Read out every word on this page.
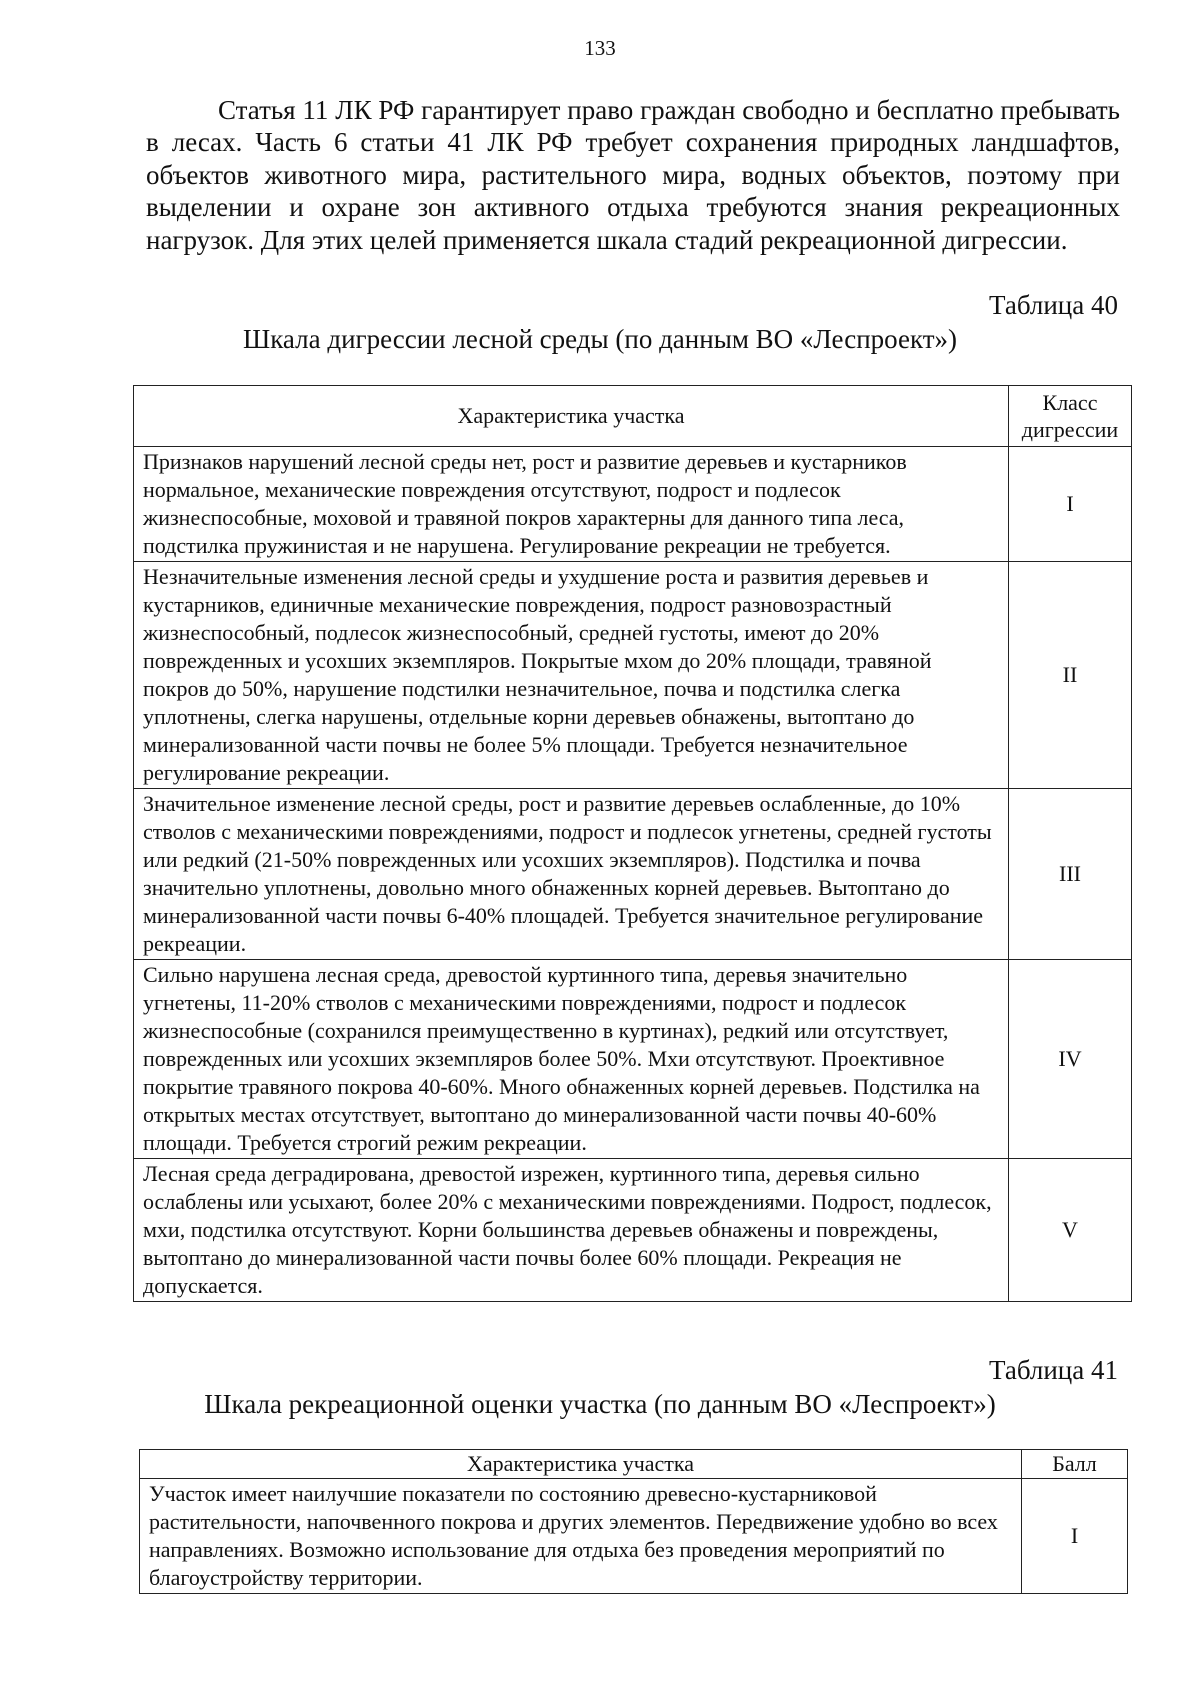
133

Статья 11 ЛК РФ гарантирует право граждан свободно и бесплатно пребывать в лесах. Часть 6 статьи 41 ЛК РФ требует сохранения природных ландшафтов, объектов животного мира, растительного мира, водных объектов, поэтому при выделении и охране зон активного отдыха требуются знания рекреационных нагрузок. Для этих целей применяется шкала стадий рекреационной дигрессии.

Таблица 40
Шкала дигрессии лесной среды (по данным ВО «Леспроект»)
Характеристика участка	Класс дигрессии
Признаков нарушений лесной среды нет, рост и развитие деревьев и кустарников нормальное, механические повреждения отсутствуют, подрост и подлесок жизнеспособные, моховой и травяной покров характерны для данного типа леса, подстилка пружинистая и не нарушена. Регулирование рекреации не требуется.	I
Незначительные изменения лесной среды и ухудшение роста и развития деревьев и кустарников, единичные механические повреждения, подрост разновозрастный жизнеспособный, подлесок жизнеспособный, средней густоты, имеют до 20% поврежденных и усохших экземпляров. Покрытые мхом до 20% площади, травяной покров до 50%, нарушение подстилки незначительное, почва и подстилка слегка уплотнены, слегка нарушены, отдельные корни деревьев обнажены, вытоптано до минерализованной части почвы не более 5% площади. Требуется незначительное регулирование рекреации.	II
Значительное изменение лесной среды, рост и развитие деревьев ослабленные, до 10% стволов с механическими повреждениями, подрост и подлесок угнетены, средней густоты или редкий (21-50% поврежденных или усохших экземпляров). Подстилка и почва значительно уплотнены, довольно много обнаженных корней деревьев. Вытоптано до минерализованной части почвы 6-40% площадей. Требуется значительное регулирование рекреации.	III
Сильно нарушена лесная среда, древостой куртинного типа, деревья значительно угнетены, 11-20% стволов с механическими повреждениями, подрост и подлесок жизнеспособные (сохранился преимущественно в куртинах), редкий или отсутствует, поврежденных или усохших экземпляров более 50%. Мхи отсутствуют. Проективное покрытие травяного покрова 40-60%. Много обнаженных корней деревьев. Подстилка на открытых местах отсутствует, вытоптано до минерализованной части почвы 40-60% площади. Требуется строгий режим рекреации.	IV
Лесная среда деградирована, древостой изрежен, куртинного типа, деревья сильно ослаблены или усыхают, более 20% с механическими повреждениями. Подрост, подлесок, мхи, подстилка отсутствуют. Корни большинства деревьев обнажены и повреждены, вытоптано до минерализованной части почвы более 60% площади. Рекреация не допускается.	V
Таблица 41
Шкала рекреационной оценки участка (по данным ВО «Леспроект»)
Характеристика участка	Балл
Участок имеет наилучшие показатели по состоянию древесно-кустарниковой растительности, напочвенного покрова и других элементов. Передвижение удобно во всех направлениях. Возможно использование для отдыха без проведения мероприятий по благоустройству территории.	I
